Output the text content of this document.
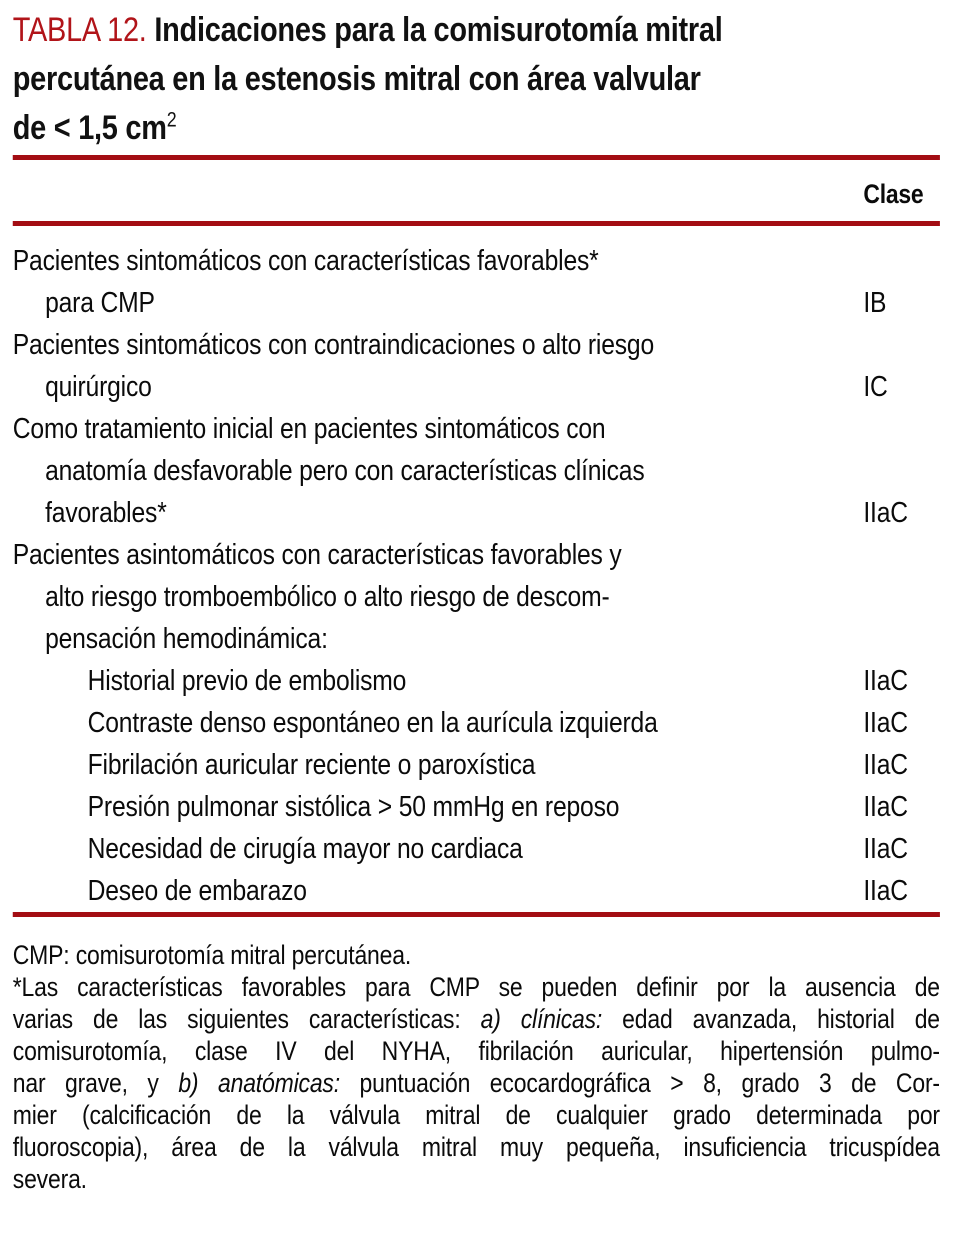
TABLA 12. Indicaciones para la comisurotomía mitral
percutánea en la estenosis mitral con área valvular
de < 1,5 $cm^2$
Clase
Pacientes sintomáticos con características favorables*
para CMP	IB
Pacientes sintomáticos con contraindicaciones o alto riesgo
quirúrgico	IC
Como tratamiento inicial en pacientes sintomáticos con
anatomía desfavorable pero con características clínicas
favorables*	IIaC
Pacientes asintomáticos con características favorables y
alto riesgo tromboembólico o alto riesgo de descom-
pensación hemodinámica:
Historial previo de embolismo	IIaC
Contraste denso espontáneo en la aurícula izquierda	IIaC
Fibrilación auricular reciente o paroxística	IIaC
Presión pulmonar sistólica > 50 mmHg en reposo	IIaC
Necesidad de cirugía mayor no cardiaca	IIaC
Deseo de embarazo	IIaC
CMP: comisurotomía mitral percutánea.
*Las características favorables para CMP se pueden definir por la ausencia de
varias de las siguientes características: a) clínicas: edad avanzada, historial de
comisurotomía, clase IV del NYHA, fibrilación auricular, hipertensión pulmo-
nar grave, y b) anatómicas: puntuación ecocardográfica > 8, grado 3 de Cor-
mier (calcificación de la válvula mitral de cualquier grado determinada por
fluoroscopia), área de la válvula mitral muy pequeña, insuficiencia tricuspídea
severa.
